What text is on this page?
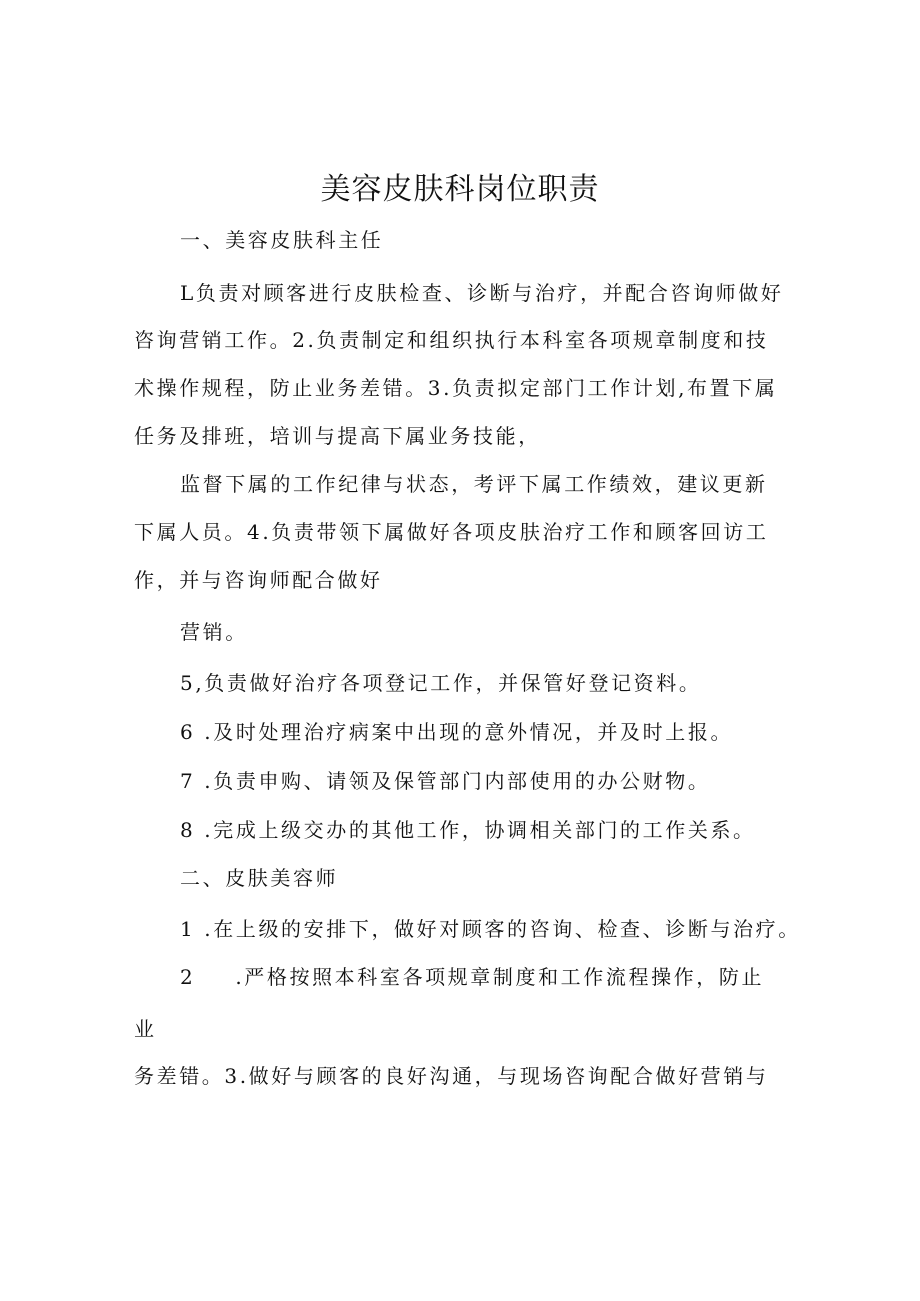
美容皮肤科岗位职责
一、美容皮肤科主任
L负责对顾客进行皮肤检查、诊断与治疗，并配合咨询师做好
咨询营销工作。2.负责制定和组织执行本科室各项规章制度和技
术操作规程，防止业务差错。3.负责拟定部门工作计划,布置下属
任务及排班，培训与提高下属业务技能，
监督下属的工作纪律与状态，考评下属工作绩效，建议更新
下属人员。4.负责带领下属做好各项皮肤治疗工作和顾客回访工
作，并与咨询师配合做好
营销。
5,负责做好治疗各项登记工作，并保管好登记资料。
6 .及时处理治疗病案中出现的意外情况，并及时上报。
7 .负责申购、请领及保管部门内部使用的办公财物。
8 .完成上级交办的其他工作，协调相关部门的工作关系。
二、皮肤美容师
1 .在上级的安排下，做好对顾客的咨询、检查、诊断与治疗。
2 .严格按照本科室各项规章制度和工作流程操作，防止
业
务差错。3.做好与顾客的良好沟通，与现场咨询配合做好营销与
